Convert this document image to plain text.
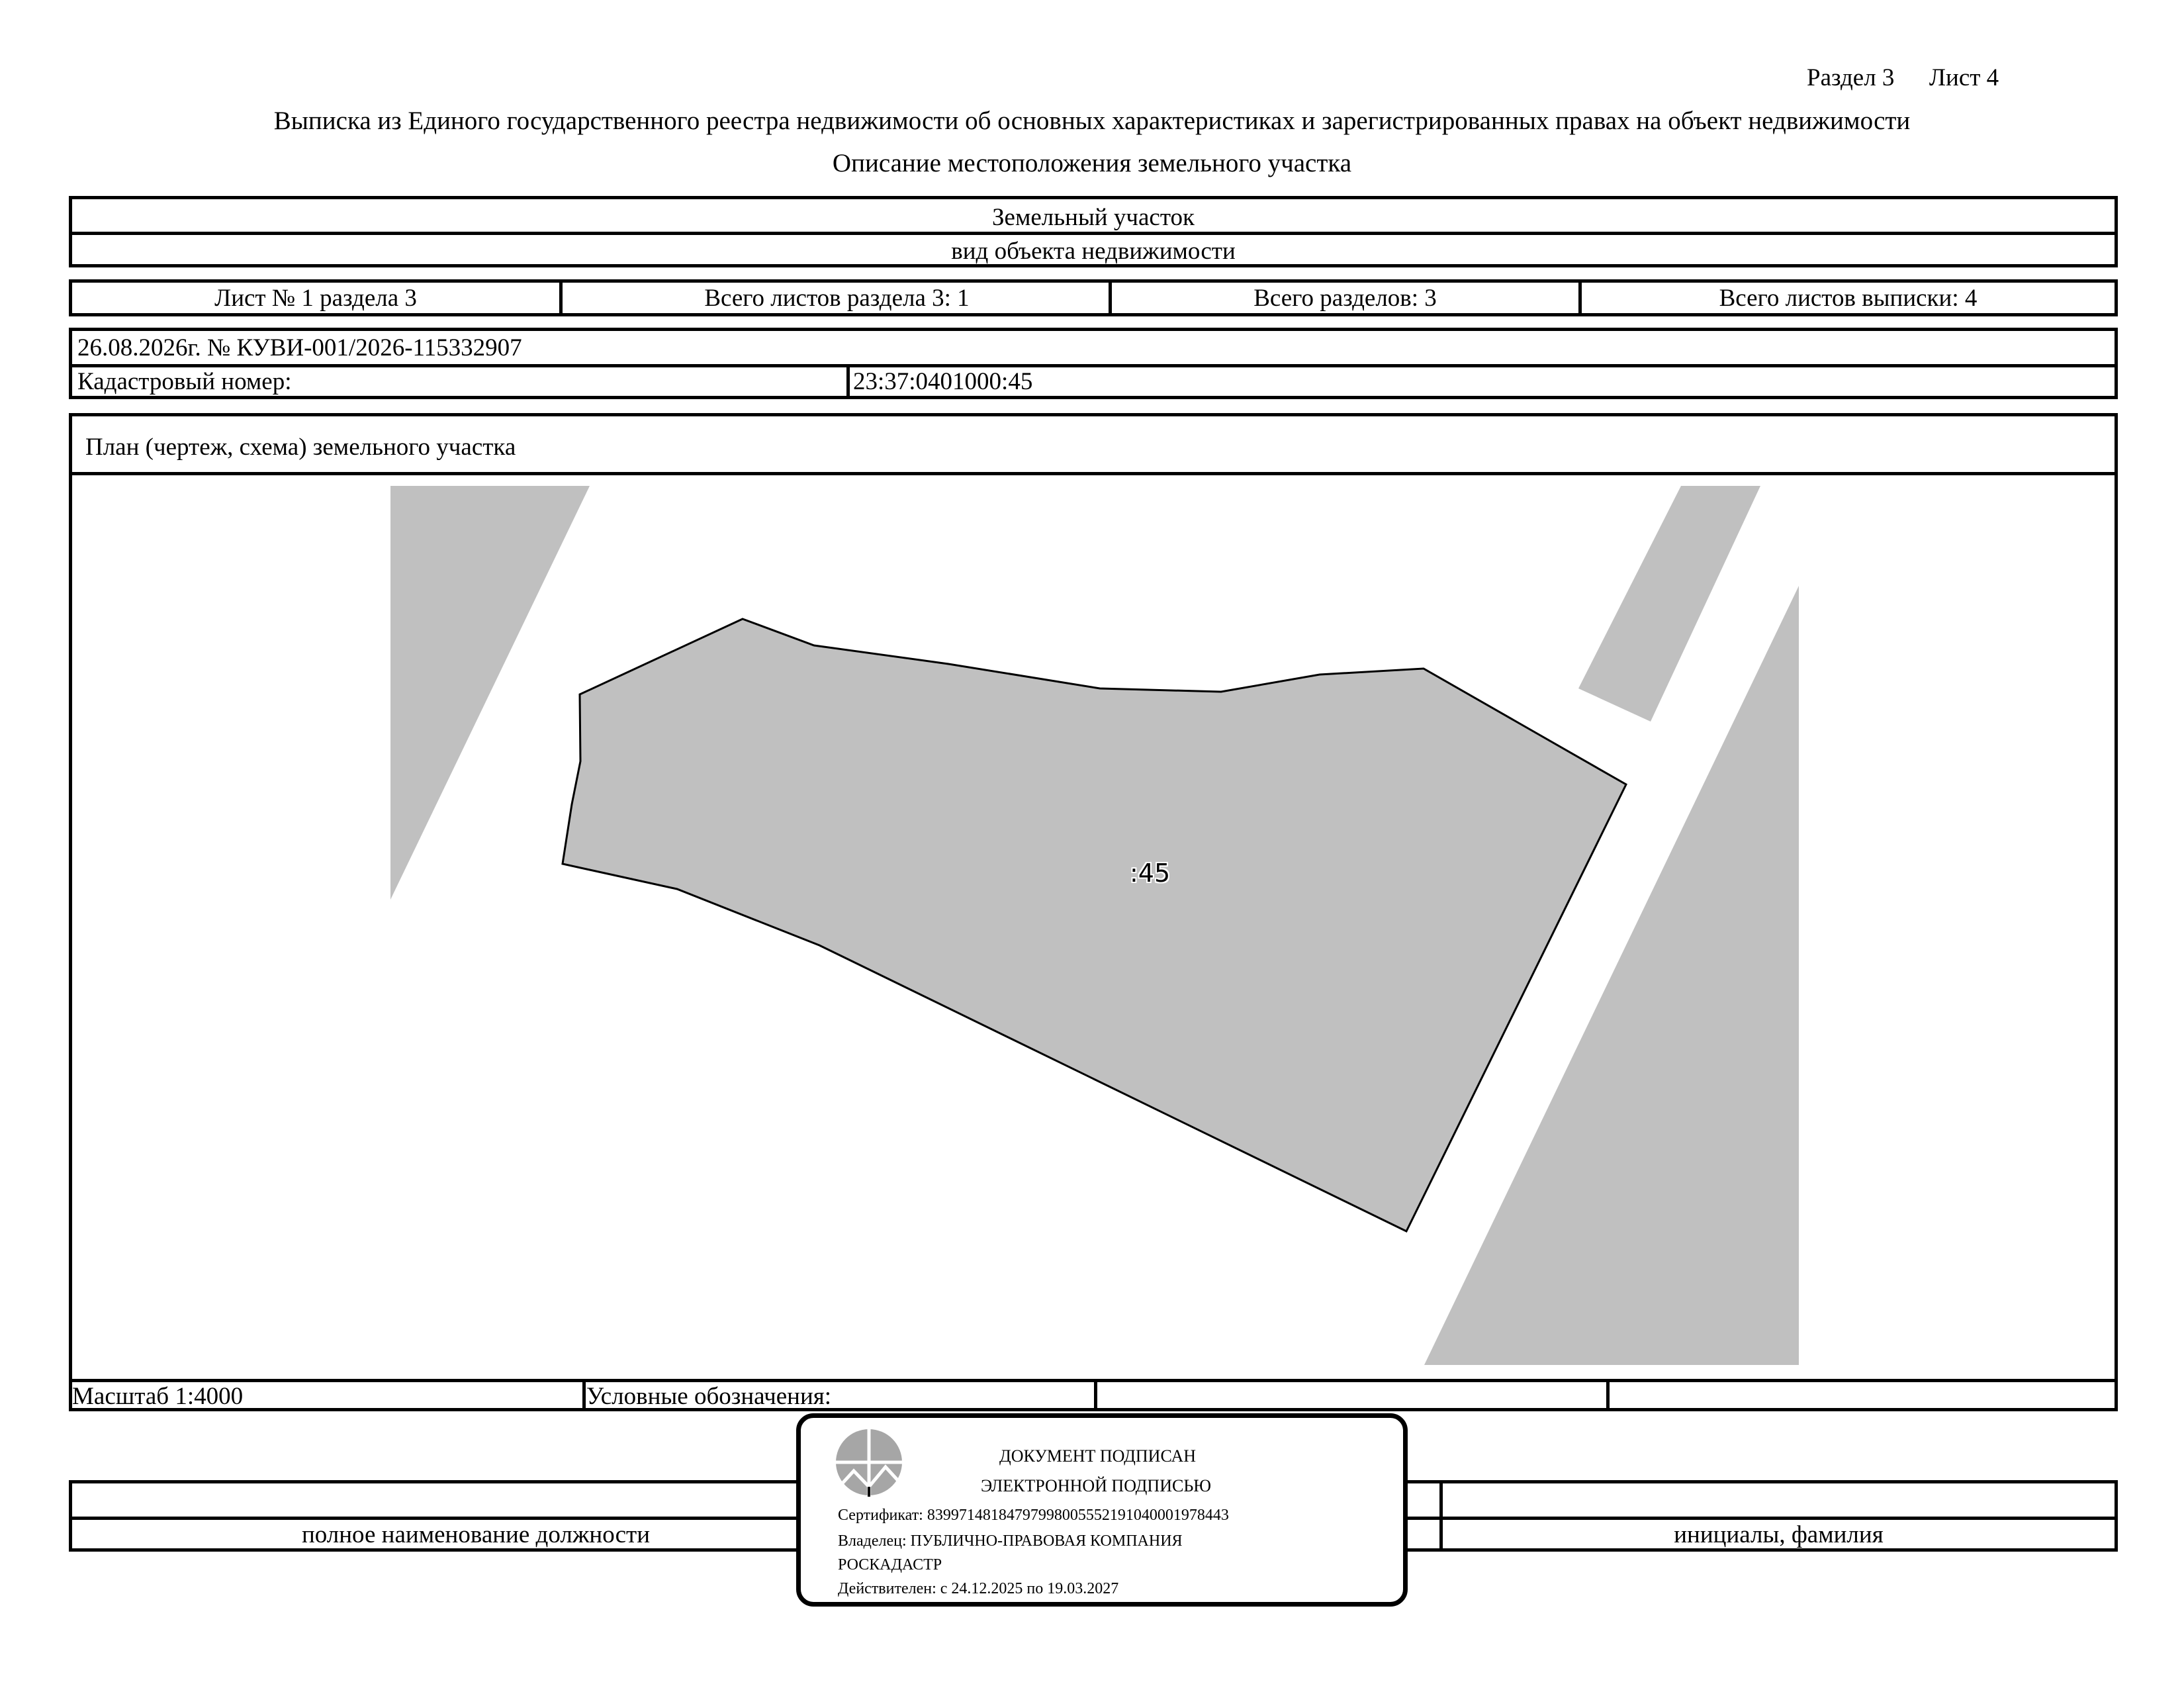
Раздел 3 Лист 4
Выписка из Единого государственного реестра недвижимости об основных характеристиках и зарегистрированных правах на объект недвижимости
Описание местоположения земельного участка
Земельный участок
вид объекта недвижимости
Лист № 1 раздела 3	Всего листов раздела 3: 1	Всего разделов: 3	Всего листов выписки: 4
26.08.2026г. № КУВИ-001/2026-115332907
Кадастровый номер:	23:37:0401000:45
План (чертеж, схема) земельного участка
:45
Масштаб 1:4000	Условные обозначения:
полное наименование должности	инициалы, фамилия
ДОКУМЕНТ ПОДПИСАН
ЭЛЕКТРОННОЙ ПОДПИСЬЮ
Сертификат: 8399714818479799800555219104000197844​3
Владелец: ПУБЛИЧНО-ПРАВОВАЯ КОМПАНИЯ
РОСКАДАСТР
Действителен: с 24.12.2025 по 19.03.2027
